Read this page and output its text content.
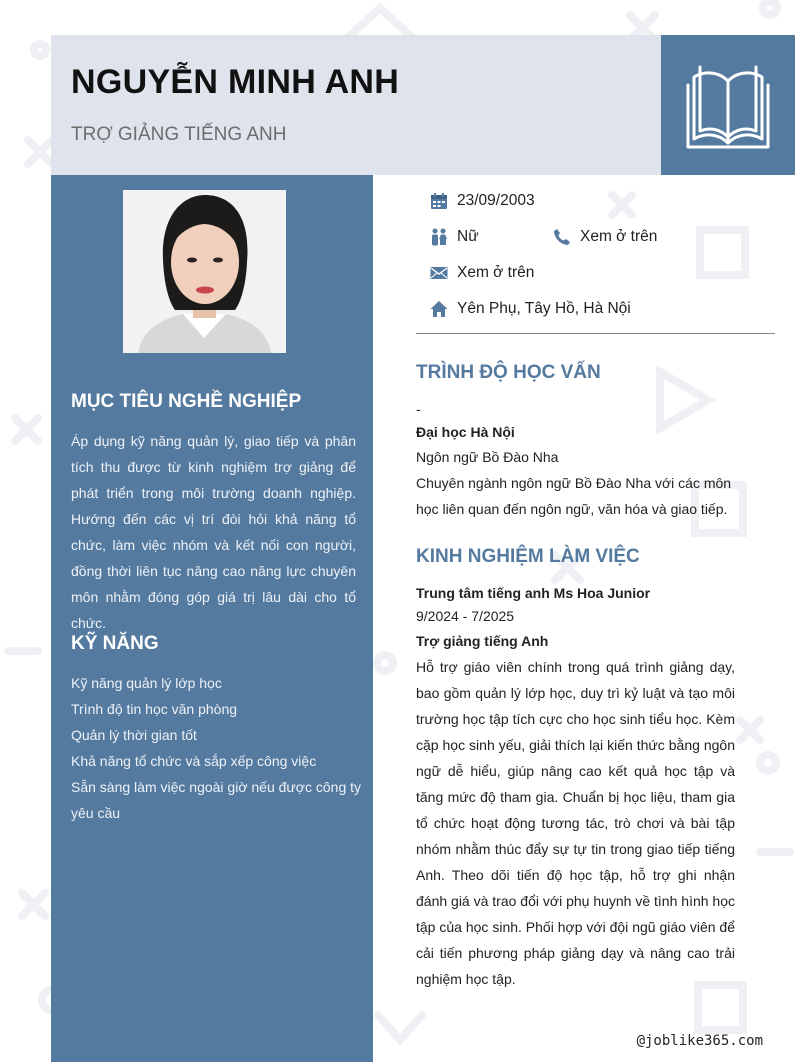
NGUYỄN MINH ANH
TRỢ GIẢNG TIẾNG ANH
MỤC TIÊU NGHỀ NGHIỆP

Áp dụng kỹ năng quản lý, giao tiếp và phân tích thu được từ kinh nghiệm trợ giảng để phát triển trong môi trường doanh nghiệp. Hướng đến các vị trí đòi hỏi khả năng tổ chức, làm việc nhóm và kết nối con người, đồng thời liên tục nâng cao năng lực chuyên môn nhằm đóng góp giá trị lâu dài cho tổ chức.

KỸ NĂNG
Kỹ năng quản lý lớp học
Trình độ tin học văn phòng
Quản lý thời gian tốt
Khả năng tổ chức và sắp xếp công việc
Sẵn sàng làm việc ngoài giờ nếu được công ty yêu cầu
23/09/2003
Nữ	Xem ở trên
Xem ở trên
Yên Phụ, Tây Hồ, Hà Nội
TRÌNH ĐỘ HỌC VẤN
-
Đại học Hà Nội
Ngôn ngữ Bồ Đào Nha
Chuyên ngành ngôn ngữ Bồ Đào Nha với các môn học liên quan đến ngôn ngữ, văn hóa và giao tiếp.
KINH NGHIỆM LÀM VIỆC
Trung tâm tiếng anh Ms Hoa Junior
9/2024 - 7/2025
Trợ giảng tiếng Anh
Hỗ trợ giáo viên chính trong quá trình giảng dạy, bao gồm quản lý lớp học, duy trì kỷ luật và tạo môi trường học tập tích cực cho học sinh tiểu học. Kèm cặp học sinh yếu, giải thích lại kiến thức bằng ngôn ngữ dễ hiểu, giúp nâng cao kết quả học tập và tăng mức độ tham gia. Chuẩn bị học liệu, tham gia tổ chức hoạt động tương tác, trò chơi và bài tập nhóm nhằm thúc đẩy sự tự tin trong giao tiếp tiếng Anh. Theo dõi tiến độ học tập, hỗ trợ ghi nhận đánh giá và trao đổi với phụ huynh về tình hình học tập của học sinh. Phối hợp với đội ngũ giáo viên để cải tiến phương pháp giảng dạy và nâng cao trải nghiệm học tập.
@joblike365.com
